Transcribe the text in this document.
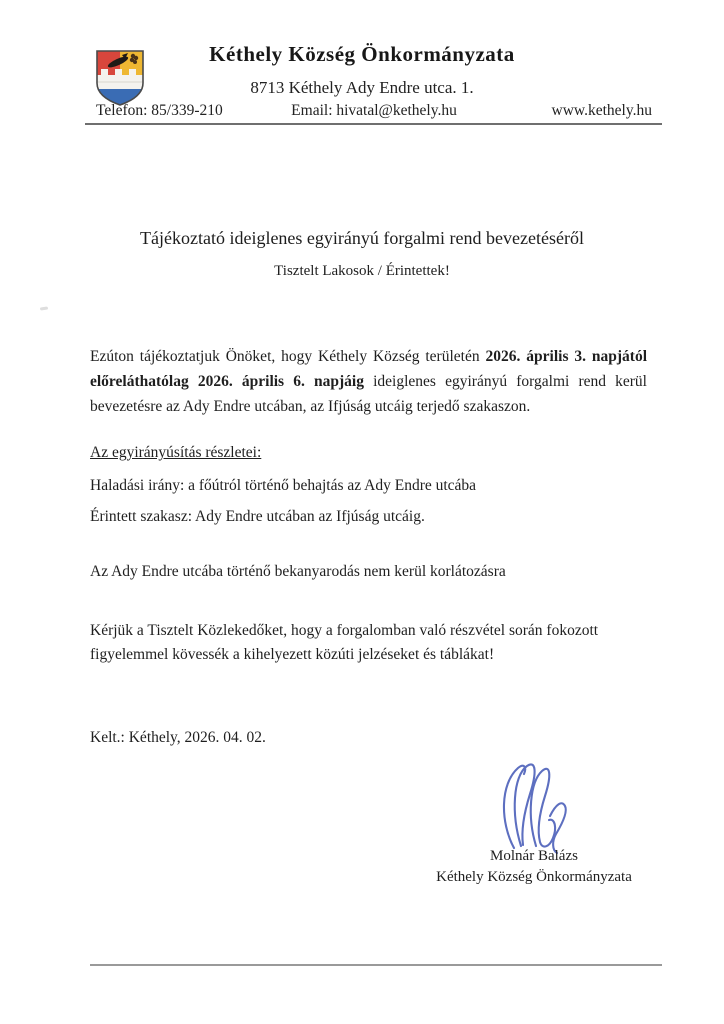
Kéthely Község Önkormányzata
8713 Kéthely Ady Endre utca. 1.
Telefon: 85/339-210	Email: hivatal@kethely.hu	www.kethely.hu
Tájékoztató ideiglenes egyirányú forgalmi rend bevezetéséről
Tisztelt Lakosok / Érintettek!

Ezúton tájékoztatjuk Önöket, hogy Kéthely Község területén 2026. április 3. napjától előreláthatólag 2026. április 6. napjáig ideiglenes egyirányú forgalmi rend kerül bevezetésre az Ady Endre utcában, az Ifjúság utcáig terjedő szakaszon.

Az egyirányúsítás részletei:
Haladási irány: a főútról történő behajtás az Ady Endre utcába
Érintett szakasz: Ady Endre utcában az Ifjúság utcáig.
Az Ady Endre utcába történő bekanyarodás nem kerül korlátozásra

Kérjük a Tisztelt Közlekedőket, hogy a forgalomban való részvétel során fokozott figyelemmel kövessék a kihelyezett közúti jelzéseket és táblákat!

Kelt.: Kéthely, 2026. 04. 02.
Molnár Balázs
Kéthely Község Önkormányzata
